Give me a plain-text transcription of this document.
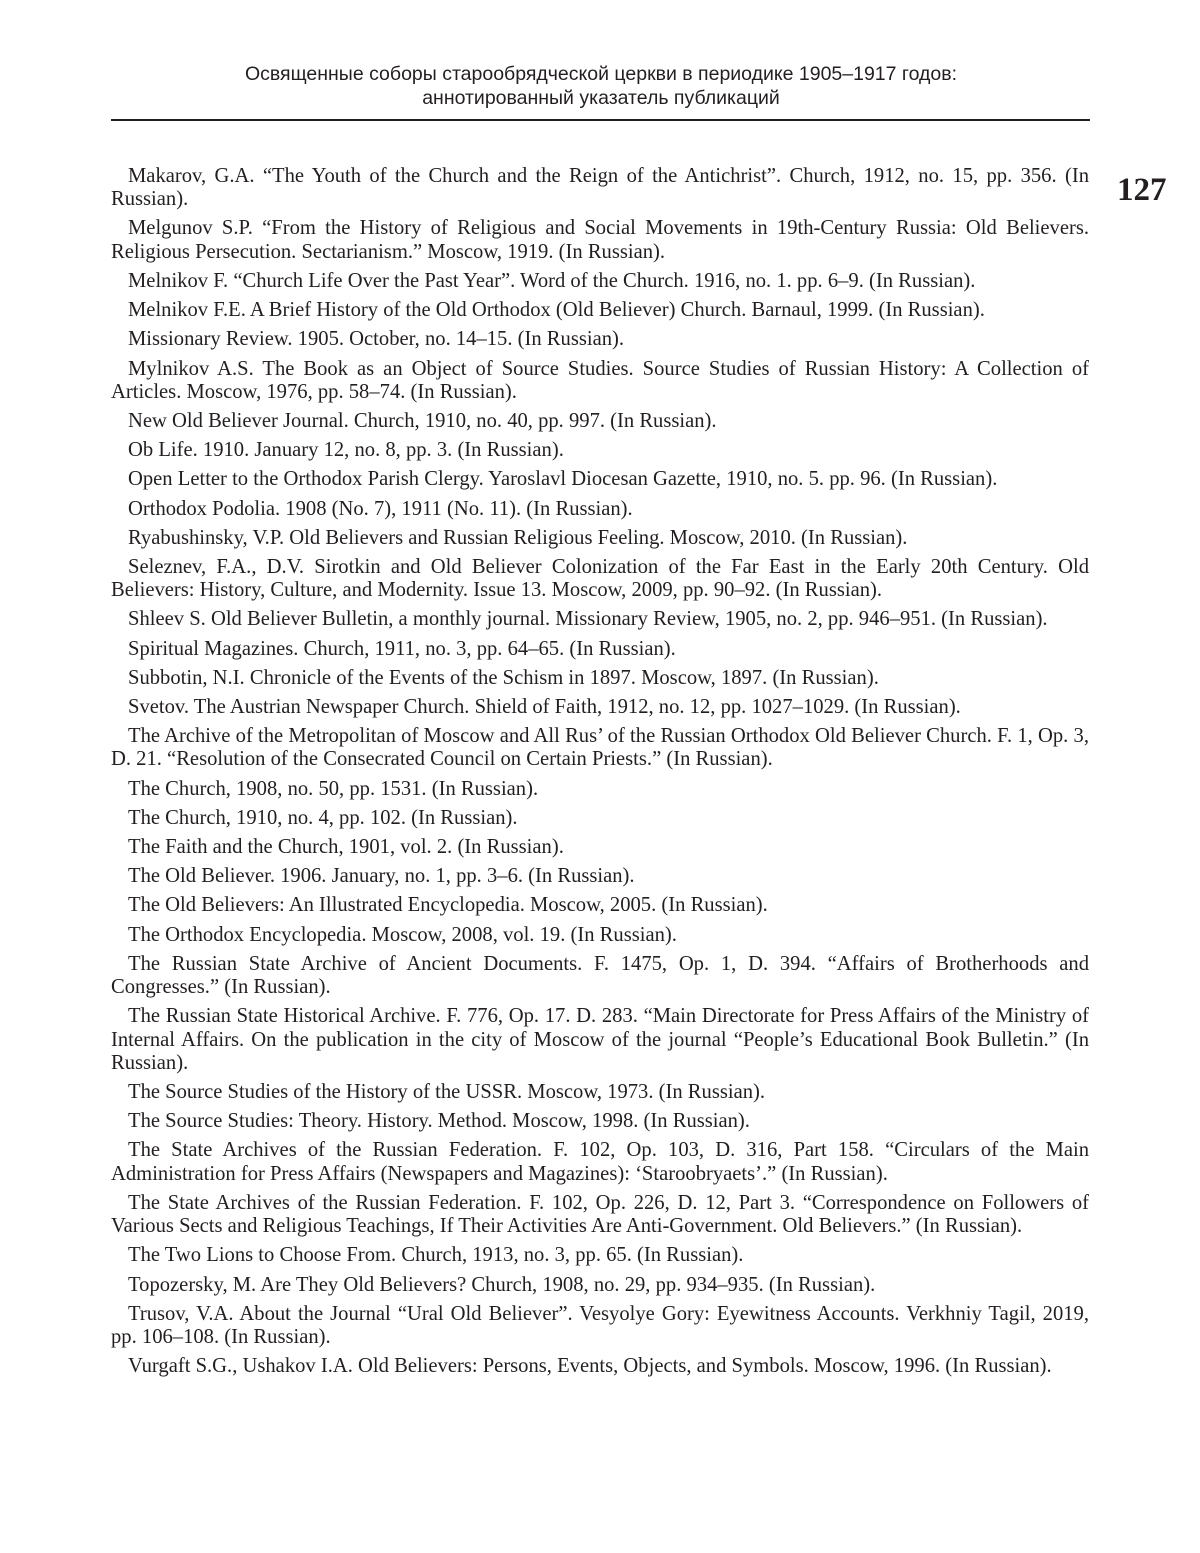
Освященные соборы старообрядческой церкви в периодике 1905–1917 годов:
аннотированный указатель публикаций
127
Makarov, G.A. “The Youth of the Church and the Reign of the Antichrist”. Church, 1912, no. 15, pp. 356. (In Russian).
Melgunov S.P. “From the History of Religious and Social Movements in 19th-Century Russia: Old Believers. Religious Persecution. Sectarianism.” Moscow, 1919. (In Russian).
Melnikov F. “Church Life Over the Past Year”. Word of the Church. 1916, no. 1. pp. 6–9. (In Russian).
Melnikov F.E. A Brief History of the Old Orthodox (Old Believer) Church. Barnaul, 1999. (In Russian).
Missionary Review. 1905. October, no. 14–15. (In Russian).
Mylnikov A.S. The Book as an Object of Source Studies. Source Studies of Russian History: A Collection of Articles. Moscow, 1976, pp. 58–74. (In Russian).
New Old Believer Journal. Church, 1910, no. 40, pp. 997. (In Russian).
Ob Life. 1910. January 12, no. 8, pp. 3. (In Russian).
Open Letter to the Orthodox Parish Clergy. Yaroslavl Diocesan Gazette, 1910, no. 5. pp. 96. (In Russian).
Orthodox Podolia. 1908 (No. 7), 1911 (No. 11). (In Russian).
Ryabushinsky, V.P. Old Believers and Russian Religious Feeling. Moscow, 2010. (In Russian).
Seleznev, F.A., D.V. Sirotkin and Old Believer Colonization of the Far East in the Early 20th Century. Old Believers: History, Culture, and Modernity. Issue 13. Moscow, 2009, pp. 90–92. (In Russian).
Shleev S. Old Believer Bulletin, a monthly journal. Missionary Review, 1905, no. 2, pp. 946–951. (In Russian).
Spiritual Magazines. Church, 1911, no. 3, pp. 64–65. (In Russian).
Subbotin, N.I. Chronicle of the Events of the Schism in 1897. Moscow, 1897. (In Russian).
Svetov. The Austrian Newspaper Church. Shield of Faith, 1912, no. 12, pp. 1027–1029. (In Russian).
The Archive of the Metropolitan of Moscow and All Rus’ of the Russian Orthodox Old Believer Church. F. 1, Op. 3, D. 21. “Resolution of the Consecrated Council on Certain Priests.” (In Russian).
The Church, 1908, no. 50, pp. 1531. (In Russian).
The Church, 1910, no. 4, pp. 102. (In Russian).
The Faith and the Church, 1901, vol. 2. (In Russian).
The Old Believer. 1906. January, no. 1, pp. 3–6. (In Russian).
The Old Believers: An Illustrated Encyclopedia. Moscow, 2005. (In Russian).
The Orthodox Encyclopedia. Moscow, 2008, vol. 19. (In Russian).
The Russian State Archive of Ancient Documents. F. 1475, Op. 1, D. 394. “Affairs of Brotherhoods and Congresses.” (In Russian).
The Russian State Historical Archive. F. 776, Op. 17. D. 283. “Main Directorate for Press Affairs of the Ministry of Internal Affairs. On the publication in the city of Moscow of the journal “People’s Educational Book Bulletin.” (In Russian).
The Source Studies of the History of the USSR. Moscow, 1973. (In Russian).
The Source Studies: Theory. History. Method. Moscow, 1998. (In Russian).
The State Archives of the Russian Federation. F. 102, Op. 103, D. 316, Part 158. “Circulars of the Main Administration for Press Affairs (Newspapers and Magazines): ‘Staroobryaets’.” (In Russian).
The State Archives of the Russian Federation. F. 102, Op. 226, D. 12, Part 3. “Correspondence on Followers of Various Sects and Religious Teachings, If Their Activities Are Anti-Government. Old Believers.” (In Russian).
The Two Lions to Choose From. Church, 1913, no. 3, pp. 65. (In Russian).
Topozersky, M. Are They Old Believers? Church, 1908, no. 29, pp. 934–935. (In Russian).
Trusov, V.A. About the Journal “Ural Old Believer”. Vesyolye Gory: Eyewitness Accounts. Verkhniy Tagil, 2019, pp. 106–108. (In Russian).
Vurgaft S.G., Ushakov I.A. Old Believers: Persons, Events, Objects, and Symbols. Moscow, 1996. (In Russian).
